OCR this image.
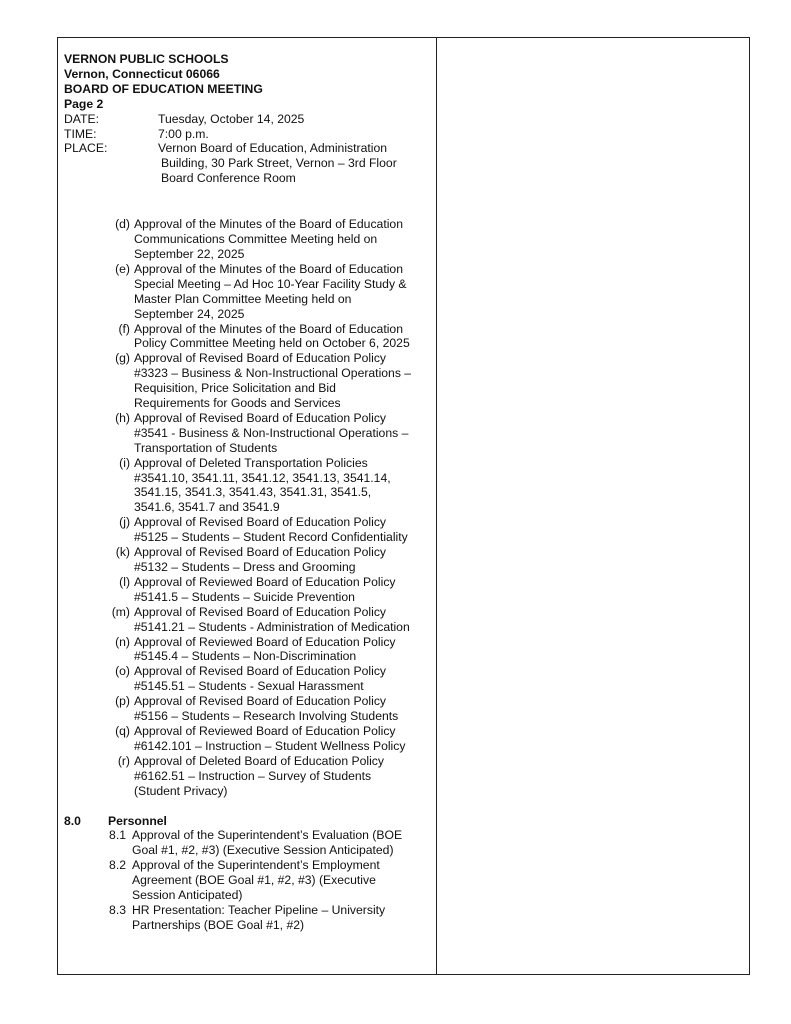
VERNON PUBLIC SCHOOLS
Vernon, Connecticut 06066
BOARD OF EDUCATION MEETING
Page 2
DATE:	Tuesday, October 14, 2025
TIME:	7:00 p.m.
PLACE:	Vernon Board of Education, Administration
Building, 30 Park Street, Vernon – 3rd Floor
Board Conference Room
(d) Approval of the Minutes of the Board of Education
Communications Committee Meeting held on
September 22, 2025
(e) Approval of the Minutes of the Board of Education
Special Meeting – Ad Hoc 10-Year Facility Study &
Master Plan Committee Meeting held on
September 24, 2025
(f) Approval of the Minutes of the Board of Education
Policy Committee Meeting held on October 6, 2025
(g) Approval of Revised Board of Education Policy
#3323 – Business & Non-Instructional Operations –
Requisition, Price Solicitation and Bid
Requirements for Goods and Services
(h) Approval of Revised Board of Education Policy
#3541 - Business & Non-Instructional Operations –
Transportation of Students
(i) Approval of Deleted Transportation Policies
#3541.10, 3541.11, 3541.12, 3541.13, 3541.14,
3541.15, 3541.3, 3541.43, 3541.31, 3541.5,
3541.6, 3541.7 and 3541.9
(j) Approval of Revised Board of Education Policy
#5125 – Students – Student Record Confidentiality
(k) Approval of Revised Board of Education Policy
#5132 – Students – Dress and Grooming
(l) Approval of Reviewed Board of Education Policy
#5141.5 – Students – Suicide Prevention
(m) Approval of Revised Board of Education Policy
#5141.21 – Students - Administration of Medication
(n) Approval of Reviewed Board of Education Policy
#5145.4 – Students – Non-Discrimination
(o) Approval of Revised Board of Education Policy
#5145.51 – Students - Sexual Harassment
(p) Approval of Revised Board of Education Policy
#5156 – Students – Research Involving Students
(q) Approval of Reviewed Board of Education Policy
#6142.101 – Instruction – Student Wellness Policy
(r) Approval of Deleted Board of Education Policy
#6162.51 – Instruction – Survey of Students
(Student Privacy)
8.0	Personnel
8.1 Approval of the Superintendent’s Evaluation (BOE
Goal #1, #2, #3) (Executive Session Anticipated)
8.2 Approval of the Superintendent’s Employment
Agreement (BOE Goal #1, #2, #3) (Executive
Session Anticipated)
8.3 HR Presentation: Teacher Pipeline – University
Partnerships (BOE Goal #1, #2)
